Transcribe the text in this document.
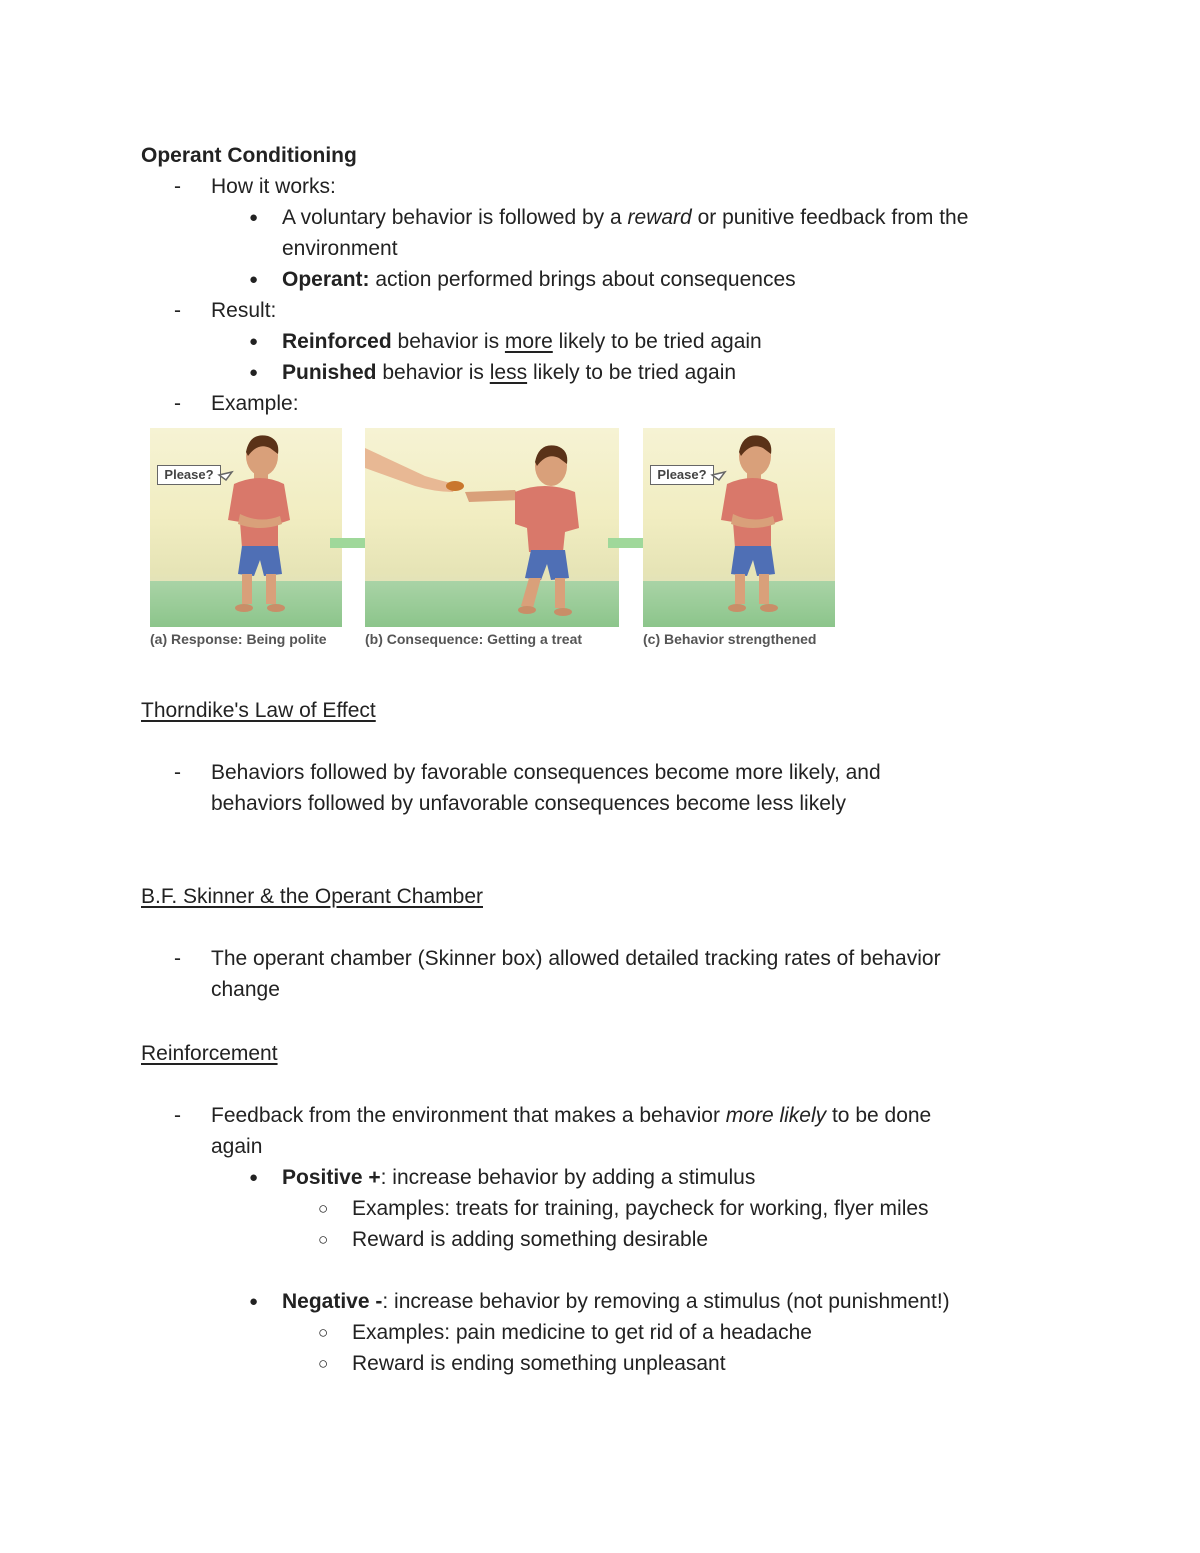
Operant Conditioning
-	How it works:
● A voluntary behavior is followed by a reward or punitive feedback from the
environment
● Operant: action performed brings about consequences
-	Result:
● Reinforced behavior is more likely to be tried again
● Punished behavior is less likely to be tried again
-	Example:
Please?	Please?
(a) Response: Being polite	(b) Consequence: Getting a treat	(c) Behavior strengthened
Thorndike's Law of Effect
-	Behaviors followed by favorable consequences become more likely, and
behaviors followed by unfavorable consequences become less likely
B.F. Skinner & the Operant Chamber
-	The operant chamber (Skinner box) allowed detailed tracking rates of behavior
change
Reinforcement
-	Feedback from the environment that makes a behavior more likely to be done
again
● Positive +: increase behavior by adding a stimulus
○ Examples: treats for training, paycheck for working, flyer miles
○ Reward is adding something desirable
● Negative -: increase behavior by removing a stimulus (not punishment!)
○ Examples: pain medicine to get rid of a headache
○ Reward is ending something unpleasant
